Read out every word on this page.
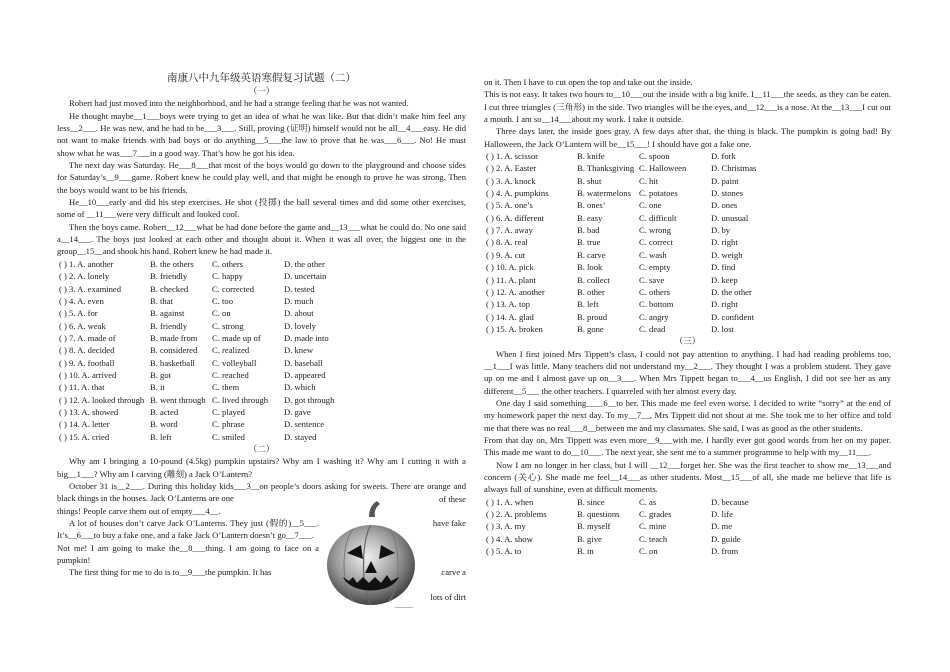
南康八中九年级英语寒假复习试题（二）
（一）

Robert had just moved into the neighborhood, and he had a strange feeling that he was not wanted.

He thought maybe__1___boys were trying to get an idea of what he was like. But that didn’t make him feel any less__2___. He was new, and he had to be___3___. Still, proving (证明) himself would not be all__4___easy. He did not want to make friends with bad boys or do anything__5___the law to prove that he was___6___. No! He must show what he was___7___in a good way. That’s how he got his idea.

The next day was Saturday. He___8___that most of the boys would go down to the playground and choose sides for Saturday’s__9___game. Robert knew he could play well, and that might be enough to prove he was strong. Then the boys would want to be his friends.

He__10___early and did his step exercises. He shot (投掷) the ball several times and did some other exercises, some of __11___were very difficult and looked cool.

Then the boys came. Robert__12___what he had done before the game and__13___what he could do. No one said a__14___. The boys just looked at each other and thought about it. When it was all over, the biggest one in the group__15__and shook his hand. Robert knew he had made it.

( ) 1. A. another	B. the others C. others	D. the other
( ) 2. A. lonely	B. friendly	C. happy	D. uncertain
( ) 3. A. examined	B. checked	C. corrected	D. tested
( ) 4. A. even	B. that	C. too	D. much
( ) 5. A. for	B. against	C. on	D. about
( ) 6. A. weak	B. friendly	C. strong	D. lovely
( ) 7. A. made of	B. made from C. made up of	D. made into
( ) 8. A. decided	B. considered C. realized	D. knew
( ) 9. A. football	B. basketball C. volleyball	D. baseball
( ) 10. A. arrived	B. got	C. reached	D. appeared
( ) 11. A. that	B. it	C. them	D. which
( ) 12. A. looked through B. went through C. lived through D. got through
( ) 13. A. showed	B. acted	C. played	D. gave
( ) 14. A. letter	B. word	C. phrase	D. sentence
( ) 15. A. cried	B. left	C. smiled	D. stayed
（二）

Why am I bringing a 10-pound (4.5kg) pumpkin upstairs? Why am I washing it? Why am I cutting it with a big__1___? Why am I carving (雕刻) a Jack O’Lantern?

October 31 is__2___. During this holiday kids___3__on people’s doors asking for sweets. There are orange and black things in the houses. Jack O’Lanterns are one

things! People carve them out of empty___4__.

A lot of houses don’t carve Jack O’Lanterns. They just (假的)__5___. It’s__6___to buy a fake one, and a fake Jack O’Lantern doesn’t go__7___.

Not me! I am going to make the__8___thing. I am going to face on a pumpkin!

The first thing for me to do is to__9___the pumpkin. It has

of these
have fake
carve a
lots of dirt

on it. Then I have to cut open the top and take out the inside.

This is not easy. It takes two hours to__10___out the inside with a big knife. I__11___the seeds, as they can be eaten. I cut three triangles (三角形) in the side. Two triangles will be the eyes, and__12___is a nose. At the__13___I cut out a mouth. I am so__14___about my work. I take it outside.

Three days later, the inside goes gray. A few days after that, the thing is black. The pumpkin is going bad! By Halloween, the Jack O’Lantern will be__15___! I should have got a fake one.

( ) 1. A. scissor	B. knife	C. spoon	D. fork
( ) 2. A. Easter	B. Thanksgiving C. Halloween	D. Christmas
( ) 3. A. knock	B. shut	C. hit	D. paint
( ) 4. A. pumpkins	B. watermelons C. potatoes	D. stones
( ) 5. A. one’s	B. ones’	C. one	D. ones
( ) 6. A. different	B. easy	C. difficult	D. unusual
( ) 7. A. away	B. bad	C. wrong	D. by
( ) 8. A. real	B. true	C. correct	D. right
( ) 9. A. cut	B. carve	C. wash	D. weigh
( ) 10. A. pick	B. look	C. empty	D. find
( ) 11. A. plant	B. collect	C. save	D. keep
( ) 12. A. another	B. other	C. others	D. the other
( ) 13. A. top	B. left	C. bottom	D. right
( ) 14. A. glad	B. proud	C. angry	D. confident
( ) 15. A. broken	B. gone	C. dead	D. lost
（三）

When I first joined Mrs Tippett’s class, I could not pay attention to anything. I had had reading problems too, __1___I was little. Many teachers did not understand my__2___. They thought I was a problem student. They gave up on me and I almost gave up on__3___. When Mrs Tippett began to___4__us English, I did not see her as any different__5___ the other teachers. I quarreled with her almost every day.

One day I said something____6__to her. This made me feel even worse. I decided to write “sorry” at the end of my homework paper the next day. To my__7__, Mrs Tippett did not shout at me. She took me to her office and told me that there was no real___8__between me and my classmates. She said, I was as good as the other students.

From that day on, Mrs Tippett was even more__9___with me. I hardly ever got good words from her on my paper. This made me want to do__10___. The next year, she sent me to a summer programme to help with my__11___.

Now I am no longer in her class, but I will __12___forget her. She was the first teacher to show me__13___and concern (关心). She made me feel__14___as other students. Most__15___of all, she made me believe that life is always full of sunshine, even at difficult moments.

( ) 1. A. when	B. since	C. as	D. because
( ) 2. A. problems	B. questions C. grades	D. life
( ) 3. A. my	B. myself	C. mine	D. me
( ) 4. A. show	B. give	C. teach	D. guide
( ) 5. A. to	B. in	C. on	D. from
